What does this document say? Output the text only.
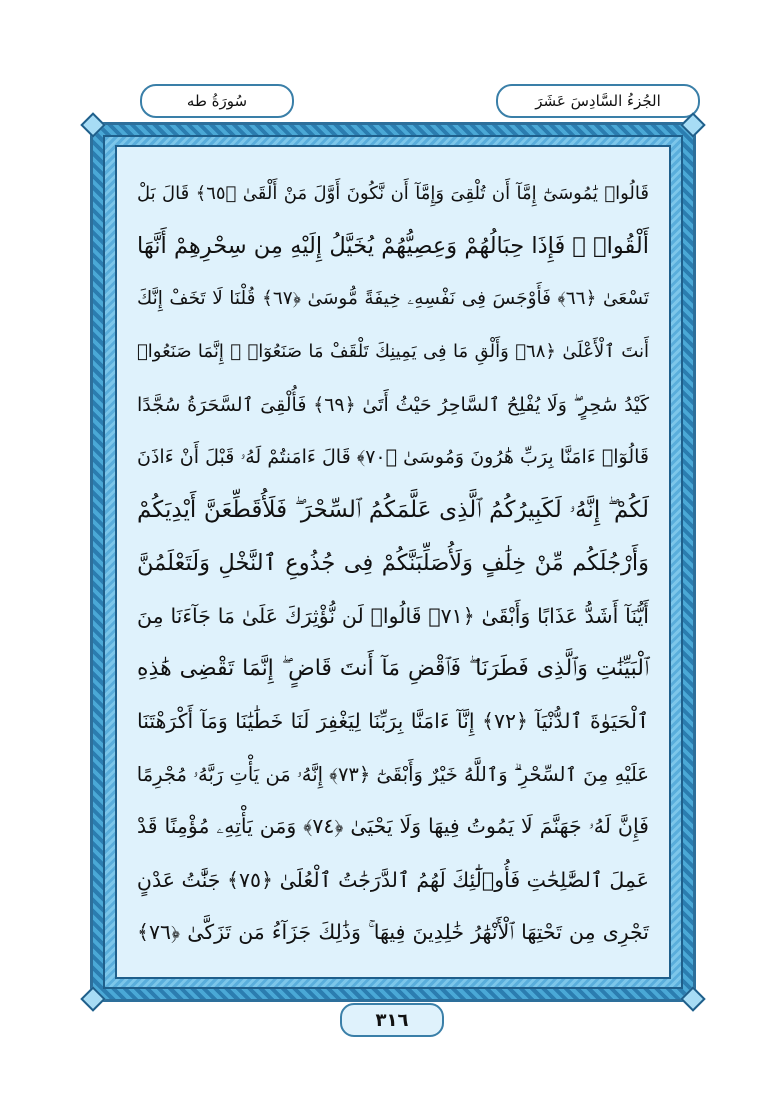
سُورَةُ طه	الجُزءُ السَّادِسَ عَشَرَ
قَالُوا۟ يَٰمُوسَىٰٓ إِمَّآ أَن تُلْقِىَ وَإِمَّآ أَن نَّكُونَ أَوَّلَ مَنْ أَلْقَىٰ ﴿٦٥﴾ قَالَ بَلْ
أَلْقُوا۟ ۖ فَإِذَا حِبَالُهُمْ وَعِصِيُّهُمْ يُخَيَّلُ إِلَيْهِ مِن سِحْرِهِمْ أَنَّهَا
تَسْعَىٰ ﴿٦٦﴾ فَأَوْجَسَ فِى نَفْسِهِۦ خِيفَةً مُّوسَىٰ ﴿٦٧﴾ قُلْنَا لَا تَخَفْ إِنَّكَ
أَنتَ ٱلْأَعْلَىٰ ﴿٦٨﴾ وَأَلْقِ مَا فِى يَمِينِكَ تَلْقَفْ مَا صَنَعُوٓا۟ ۖ إِنَّمَا صَنَعُوا۟
كَيْدُ سَٰحِرٍ ۖ وَلَا يُفْلِحُ ٱلسَّاحِرُ حَيْثُ أَتَىٰ ﴿٦٩﴾ فَأُلْقِىَ ٱلسَّحَرَةُ سُجَّدًا
قَالُوٓا۟ ءَامَنَّا بِرَبِّ هَٰرُونَ وَمُوسَىٰ ﴿٧٠﴾ قَالَ ءَامَنتُمْ لَهُۥ قَبْلَ أَنْ ءَاذَنَ
لَكُمْ ۖ إِنَّهُۥ لَكَبِيرُكُمُ ٱلَّذِى عَلَّمَكُمُ ٱلسِّحْرَ ۖ فَلَأُقَطِّعَنَّ أَيْدِيَكُمْ
وَأَرْجُلَكُم مِّنْ خِلَٰفٍ وَلَأُصَلِّبَنَّكُمْ فِى جُذُوعِ ٱلنَّخْلِ وَلَتَعْلَمُنَّ
أَيُّنَآ أَشَدُّ عَذَابًا وَأَبْقَىٰ ﴿٧١﴾ قَالُوا۟ لَن نُّؤْثِرَكَ عَلَىٰ مَا جَآءَنَا مِنَ
ٱلْبَيِّنَٰتِ وَٱلَّذِى فَطَرَنَا ۖ فَٱقْضِ مَآ أَنتَ قَاضٍ ۖ إِنَّمَا تَقْضِى هَٰذِهِ
ٱلْحَيَوٰةَ ٱلدُّنْيَآ ﴿٧٢﴾ إِنَّآ ءَامَنَّا بِرَبِّنَا لِيَغْفِرَ لَنَا خَطَٰيَٰنَا وَمَآ أَكْرَهْتَنَا
عَلَيْهِ مِنَ ٱلسِّحْرِ ۗ وَٱللَّهُ خَيْرٌ وَأَبْقَىٰٓ ﴿٧٣﴾ إِنَّهُۥ مَن يَأْتِ رَبَّهُۥ مُجْرِمًا
فَإِنَّ لَهُۥ جَهَنَّمَ لَا يَمُوتُ فِيهَا وَلَا يَحْيَىٰ ﴿٧٤﴾ وَمَن يَأْتِهِۦ مُؤْمِنًا قَدْ
عَمِلَ ٱلصَّٰلِحَٰتِ فَأُو۟لَٰٓئِكَ لَهُمُ ٱلدَّرَجَٰتُ ٱلْعُلَىٰ ﴿٧٥﴾ جَنَّٰتُ عَدْنٍ
تَجْرِى مِن تَحْتِهَا ٱلْأَنْهَٰرُ خَٰلِدِينَ فِيهَا ۚ وَذَٰلِكَ جَزَآءُ مَن تَزَكَّىٰ ﴿٧٦﴾
٣١٦
